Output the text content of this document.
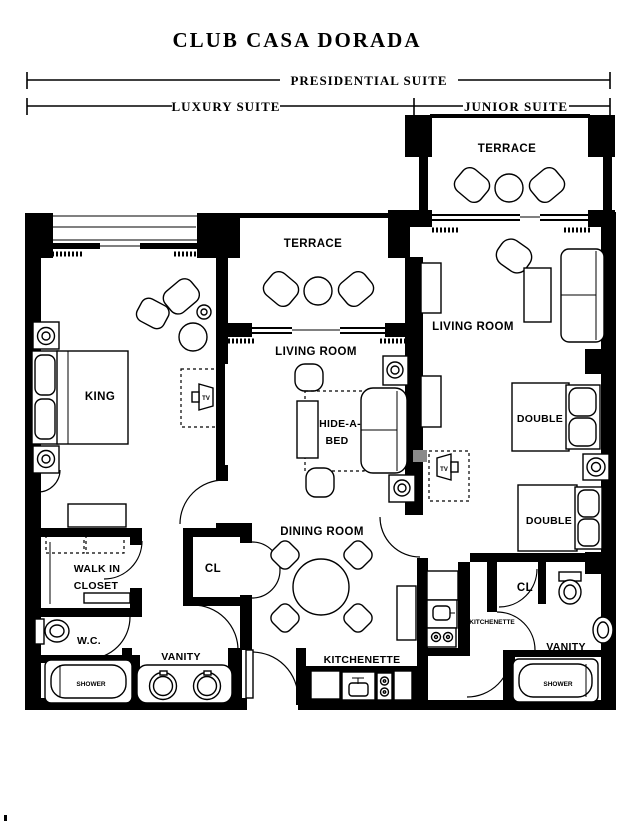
CLUB CASA DORADA
PRESIDENTIAL SUITE
LUXURY SUITE	JUNIOR SUITE
TERRACE
TERRACE
LIVING ROOM
LIVING ROOM
KING
DOUBLE
DOUBLE
HIDE-A-
BED
DINING ROOM
WALK IN
CLOSET
CL
W.C.
VANITY
SHOWER
KITCHENETTE
KITCHENETTE
CL
VANITY
SHOWER
TV
TV
